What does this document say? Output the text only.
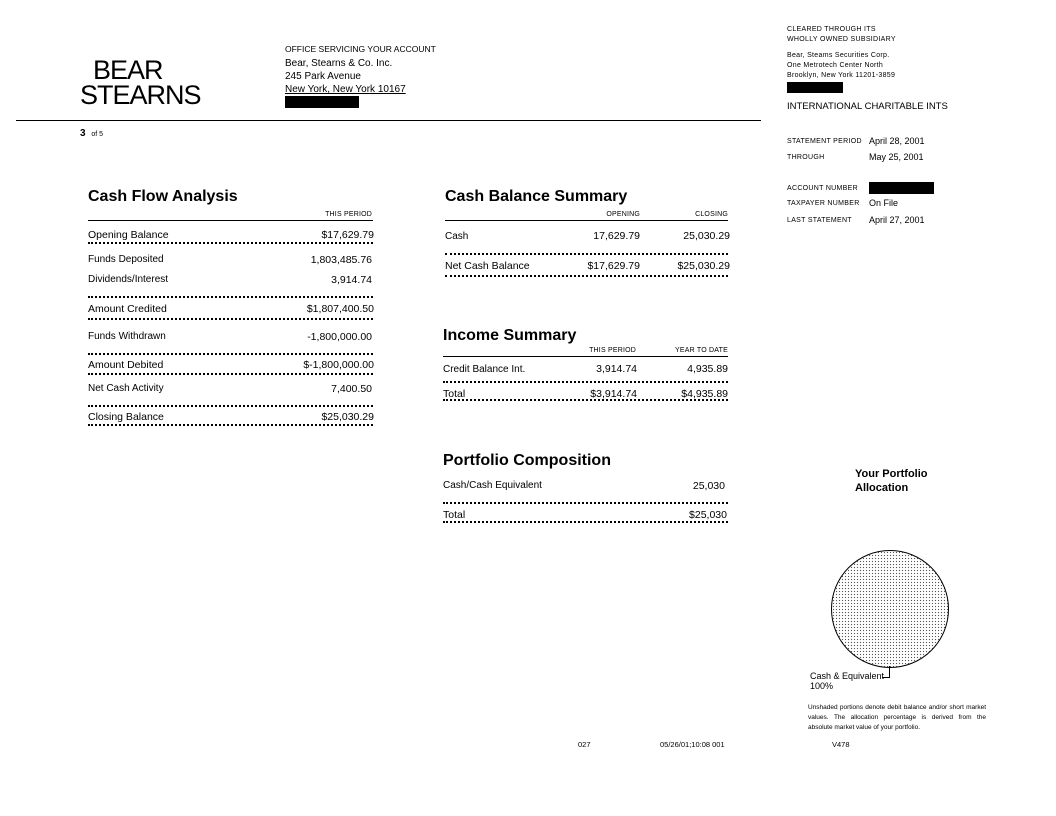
BEAR
STEARNS
OFFICE SERVICING YOUR ACCOUNT
Bear, Stearns & Co. Inc.
245 Park Avenue
New York, New York 10167
CLEARED THROUGH ITS
WHOLLY OWNED SUBSIDIARY
Bear, Steams Securities Corp.
One Metrotech Center North
Brooklyn, New York 11201-3859
INTERNATIONAL CHARITABLE INTS
STATEMENT PERIOD April 28, 2001
THROUGH	May 25, 2001
ACCOUNT NUMBER
TAXPAYER NUMBER On File
LAST STATEMENT April 27, 2001
3 of 5
Cash Flow Analysis
THIS PERIOD
Opening Balance	$17,629.79
Funds Deposited	1,803,485.76
Dividends/Interest	3,914.74
Amount Credited	$1,807,400.50
Funds Withdrawn	-1,800,000.00
Amount Debited	$-1,800,000.00
Net Cash Activity	7,400.50
Closing Balance	$25,030.29
Cash Balance Summary
OPENING	CLOSING
Cash	17,629.79	25,030.29
Net Cash Balance	$17,629.79	$25,030.29
Income Summary
THIS PERIOD	YEAR TO DATE
Credit Balance Int.	3,914.74	4,935.89
Total	$3,914.74	$4,935.89
Portfolio Composition
Cash/Cash Equivalent	25,030
Total	$25,030
Your Portfolio
Allocation
Cash & Equivalent
100%
Unshaded portions denote debit balance and/or short market values. The allocation percentage is derived from the absolute market value of your portfolio.
027	05/26/01;10:08 001	V478
